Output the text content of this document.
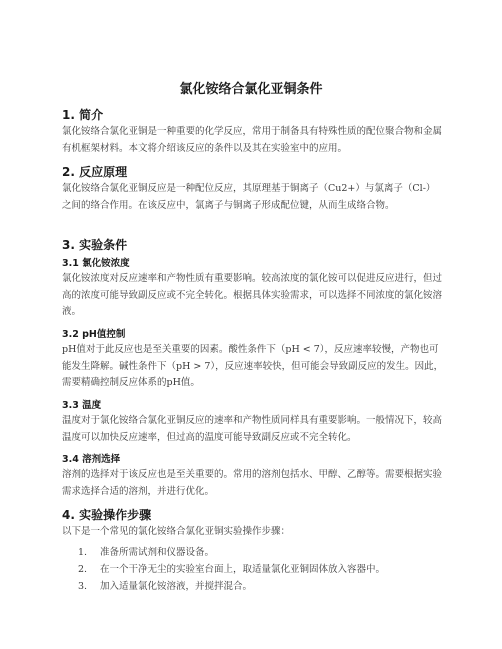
氯化铵络合氯化亚铜条件
1. 简介
氯化铵络合氯化亚铜是一种重要的化学反应，常用于制备具有特殊性质的配位聚合物和金属有机框架材料。本文将介绍该反应的条件以及其在实验室中的应用。
2. 反应原理
氯化铵络合氯化亚铜反应是一种配位反应，其原理基于铜离子（Cu2+）与氯离子（Cl-）之间的络合作用。在该反应中，氯离子与铜离子形成配位键，从而生成络合物。
3. 实验条件
3.1 氯化铵浓度
氯化铵浓度对反应速率和产物性质有重要影响。较高浓度的氯化铵可以促进反应进行，但过高的浓度可能导致副反应或不完全转化。根据具体实验需求，可以选择不同浓度的氯化铵溶液。
3.2 pH值控制
pH值对于此反应也是至关重要的因素。酸性条件下（pH < 7），反应速率较慢，产物也可能发生降解。碱性条件下（pH > 7），反应速率较快，但可能会导致副反应的发生。因此，需要精确控制反应体系的pH值。
3.3 温度
温度对于氯化铵络合氯化亚铜反应的速率和产物性质同样具有重要影响。一般情况下，较高温度可以加快反应速率，但过高的温度可能导致副反应或不完全转化。
3.4 溶剂选择
溶剂的选择对于该反应也是至关重要的。常用的溶剂包括水、甲醇、乙醇等。需要根据实验需求选择合适的溶剂，并进行优化。
4. 实验操作步骤
以下是一个常见的氯化铵络合氯化亚铜实验操作步骤：
1. 准备所需试剂和仪器设备。
2. 在一个干净无尘的实验室台面上，取适量氯化亚铜固体放入容器中。
3. 加入适量氯化铵溶液，并搅拌混合。
